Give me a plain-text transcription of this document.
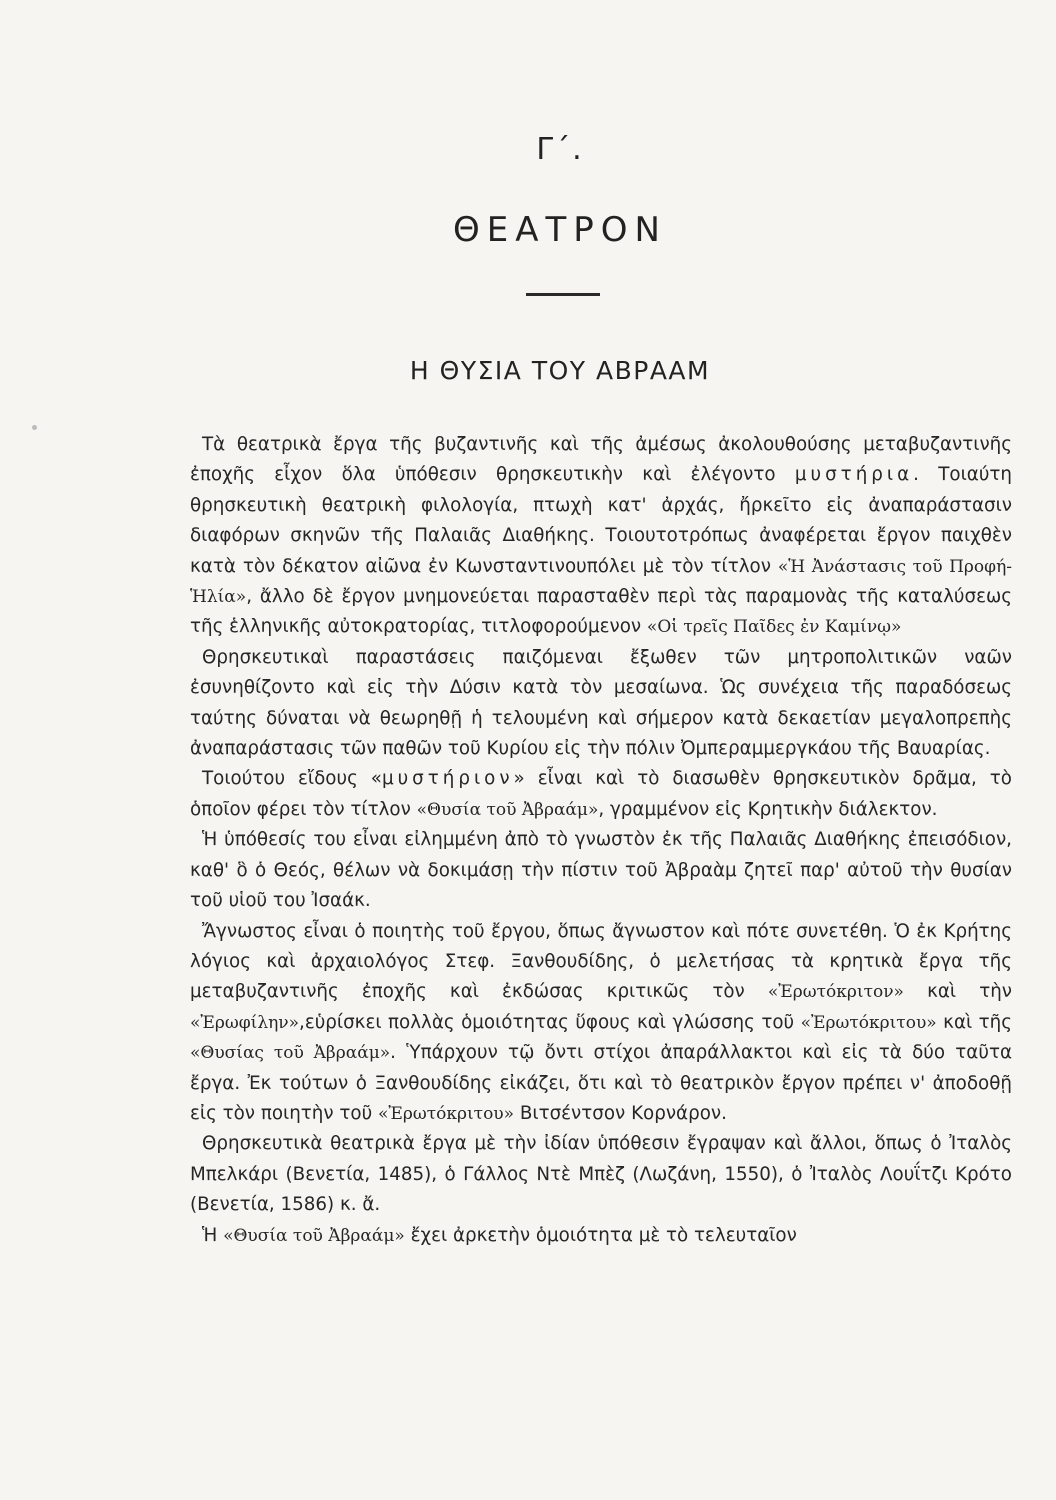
Γ΄.
ΘΕΑΤΡΟΝ
Η ΘΥΣΙΑ ΤΟΥ ΑΒΡΑΑΜ

Τὰ θεατρικὰ ἔργα τῆς βυζαντινῆς καὶ τῆς ἀμέσως ἀκολουθούσης μεταβυζαντινῆς ἐποχῆς εἶχον ὅλα ὑπόθεσιν θρησκευτικὴν καὶ ἐλέγοντο μυστήρια. Τοιαύτη θρησκευτικὴ θεατρικὴ φιλολογία, πτωχὴ κατ' ἀρχάς, ἤρκεῖτο εἰς ἀναπαράστασιν διαφόρων σκηνῶν τῆς Παλαιᾶς Διαθήκης. Τοιουτοτρόπως ἀναφέρεται ἔργον παιχθὲν κατὰ τὸν δέκατον αἰῶνα ἐν Κωνσταντινουπόλει μὲ τὸν τίτλον «Ἡ Ἀνάστασις τοῦ Προφή-Ἡλία», ἄλλο δὲ ἔργον μνημονεύεται παρασταθὲν περὶ τὰς παραμονὰς τῆς καταλύσεως τῆς ἑλληνικῆς αὐτοκρατορίας, τιτλοφορούμενον «Οἱ τρεῖς Παῖδες ἐν Καμίνῳ»

Θρησκευτικαὶ παραστάσεις παιζόμεναι ἔξωθεν τῶν μητροπολιτικῶν ναῶν ἐσυνηθίζοντο καὶ εἰς τὴν Δύσιν κατὰ τὸν μεσαίωνα. Ὡς συνέχεια τῆς παραδόσεως ταύτης δύναται νὰ θεωρηθῇ ἡ τελουμένη καὶ σήμερον κατὰ δεκαετίαν μεγαλοπρεπὴς ἀναπαράστασις τῶν παθῶν τοῦ Κυρίου εἰς τὴν πόλιν Ὀμπεραμμεργκάου τῆς Βαυαρίας.

Τοιούτου εἴδους «μυστήριον» εἶναι καὶ τὸ διασωθὲν θρησκευτικὸν δρᾶμα, τὸ ὁποῖον φέρει τὸν τίτλον «Θυσία τοῦ Ἀβραάμ», γραμμένον εἰς Κρητικὴν διάλεκτον.

Ἡ ὑπόθεσίς του εἶναι εἰλημμένη ἀπὸ τὸ γνωστὸν ἐκ τῆς Παλαιᾶς Διαθήκης ἐπεισόδιον, καθ' ὃ ὁ Θεός, θέλων νὰ δοκιμάσῃ τὴν πίστιν τοῦ Ἀβραὰμ ζητεῖ παρ' αὐτοῦ τὴν θυσίαν τοῦ υἱοῦ του Ἰσαάκ.

Ἄγνωστος εἶναι ὁ ποιητὴς τοῦ ἔργου, ὅπως ἄγνωστον καὶ πότε συνετέθη. Ὁ ἐκ Κρήτης λόγιος καὶ ἀρχαιολόγος Στεφ. Ξανθουδίδης, ὁ μελετήσας τὰ κρητικὰ ἔργα τῆς μεταβυζαντινῆς ἐποχῆς καὶ ἐκδώσας κριτικῶς τὸν «Ἐρωτόκριτον» καὶ τὴν «Ἐρωφίλην»,εὑρίσκει πολλὰς ὁμοιότητας ὕφους καὶ γλώσσης τοῦ «Ἐρωτόκριτου» καὶ τῆς «Θυσίας τοῦ Ἀβραάμ». Ὑπάρχουν τῷ ὄντι στίχοι ἀπαράλλακτοι καὶ εἰς τὰ δύο ταῦτα ἔργα. Ἐκ τούτων ὁ Ξανθουδίδης εἰκάζει, ὅτι καὶ τὸ θεατρικὸν ἔργον πρέπει ν' ἀποδοθῇ εἰς τὸν ποιητὴν τοῦ «Ἐρωτόκριτου» Βιτσέντσον Κορνάρον.

Θρησκευτικὰ θεατρικὰ ἔργα μὲ τὴν ἰδίαν ὑπόθεσιν ἔγραψαν καὶ ἄλλοι, ὅπως ὁ Ἰταλὸς Μπελκάρι (Βενετία, 1485), ὁ Γάλλος Ντὲ Μπὲζ (Λωζάνη, 1550), ὁ Ἰταλὸς Λουΐτζι Κρότο (Βενετία, 1586) κ. ἄ.

Ἡ «Θυσία τοῦ Ἀβραάμ» ἔχει ἀρκετὴν ὁμοιότητα μὲ τὸ τελευταῖον
